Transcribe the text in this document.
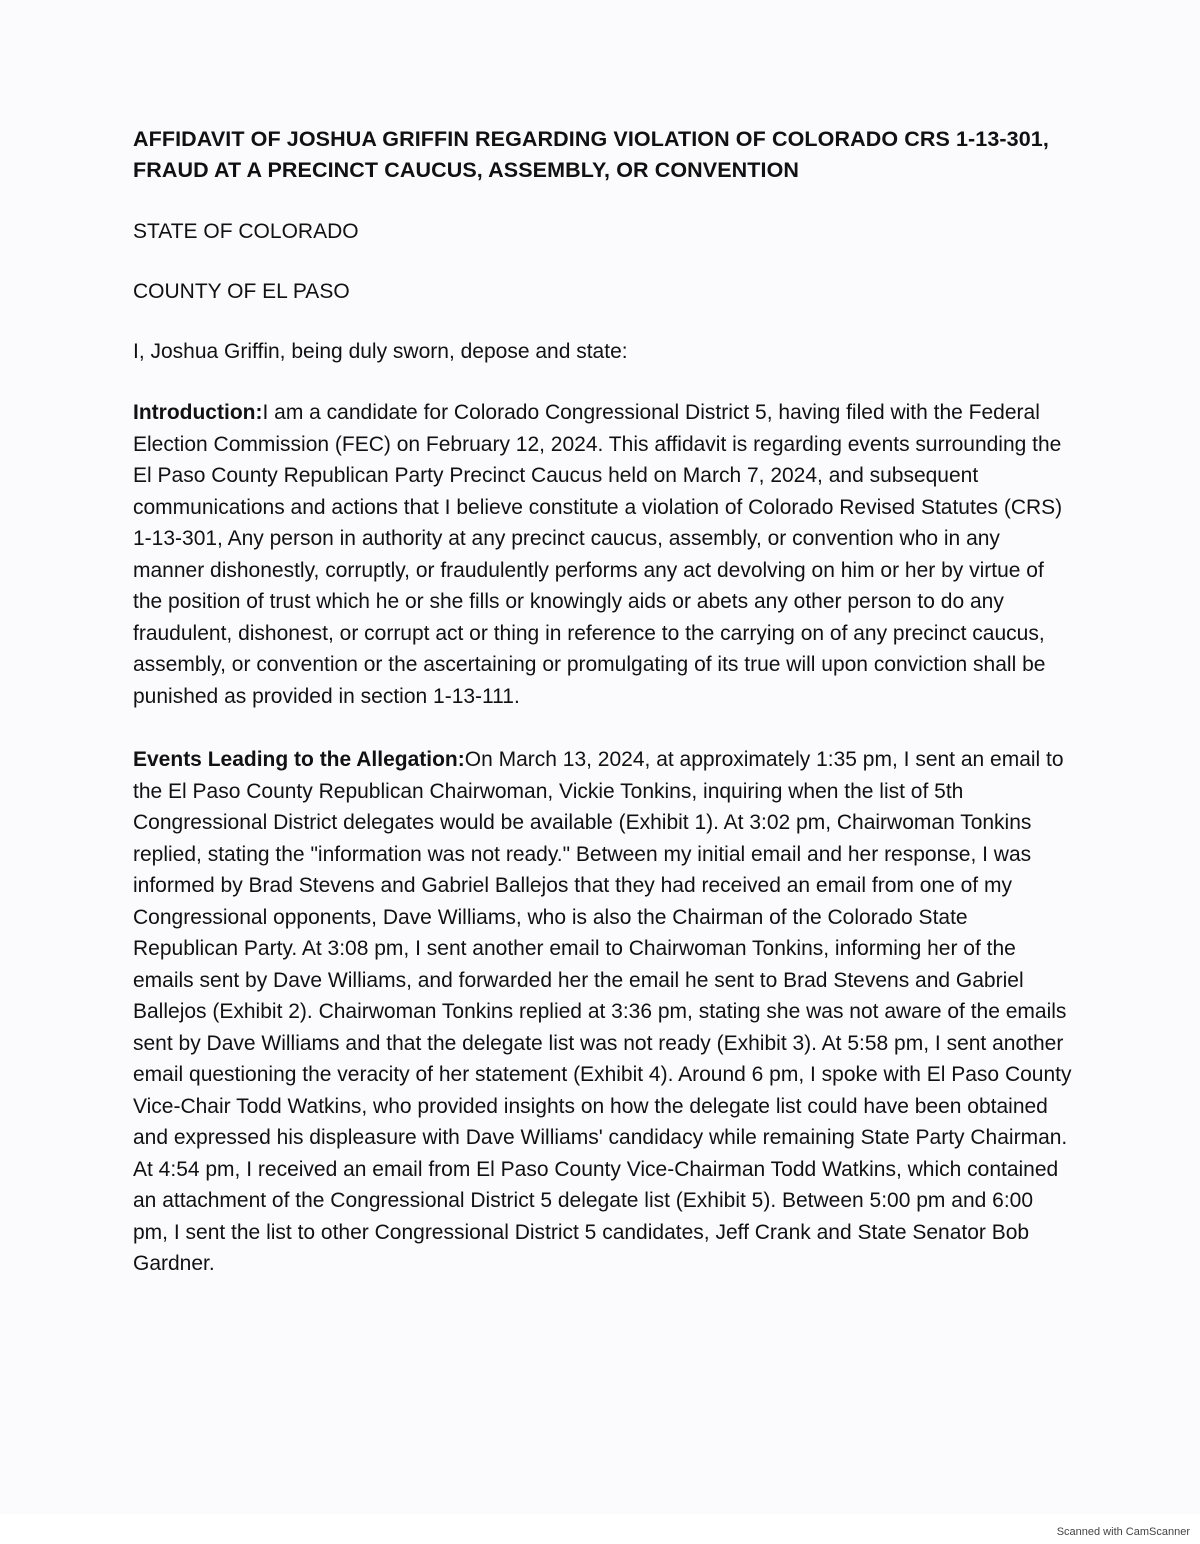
AFFIDAVIT OF JOSHUA GRIFFIN REGARDING VIOLATION OF COLORADO CRS 1-13-301, FRAUD AT A PRECINCT CAUCUS, ASSEMBLY, OR CONVENTION

STATE OF COLORADO

COUNTY OF EL PASO

I, Joshua Griffin, being duly sworn, depose and state:

Introduction:I am a candidate for Colorado Congressional District 5, having filed with the Federal Election Commission (FEC) on February 12, 2024. This affidavit is regarding events surrounding the El Paso County Republican Party Precinct Caucus held on March 7, 2024, and subsequent communications and actions that I believe constitute a violation of Colorado Revised Statutes (CRS) 1-13-301, Any person in authority at any precinct caucus, assembly, or convention who in any manner dishonestly, corruptly, or fraudulently performs any act devolving on him or her by virtue of the position of trust which he or she fills or knowingly aids or abets any other person to do any fraudulent, dishonest, or corrupt act or thing in reference to the carrying on of any precinct caucus, assembly, or convention or the ascertaining or promulgating of its true will upon conviction shall be punished as provided in section 1-13-111.

Events Leading to the Allegation:On March 13, 2024, at approximately 1:35 pm, I sent an email to the El Paso County Republican Chairwoman, Vickie Tonkins, inquiring when the list of 5th Congressional District delegates would be available (Exhibit 1). At 3:02 pm, Chairwoman Tonkins replied, stating the "information was not ready." Between my initial email and her response, I was informed by Brad Stevens and Gabriel Ballejos that they had received an email from one of my Congressional opponents, Dave Williams, who is also the Chairman of the Colorado State Republican Party. At 3:08 pm, I sent another email to Chairwoman Tonkins, informing her of the emails sent by Dave Williams, and forwarded her the email he sent to Brad Stevens and Gabriel Ballejos (Exhibit 2). Chairwoman Tonkins replied at 3:36 pm, stating she was not aware of the emails sent by Dave Williams and that the delegate list was not ready (Exhibit 3). At 5:58 pm, I sent another email questioning the veracity of her statement (Exhibit 4). Around 6 pm, I spoke with El Paso County Vice-Chair Todd Watkins, who provided insights on how the delegate list could have been obtained and expressed his displeasure with Dave Williams' candidacy while remaining State Party Chairman. At 4:54 pm, I received an email from El Paso County Vice-Chairman Todd Watkins, which contained an attachment of the Congressional District 5 delegate list (Exhibit 5). Between 5:00 pm and 6:00 pm, I sent the list to other Congressional District 5 candidates, Jeff Crank and State Senator Bob Gardner.

Scanned with CamScanner
